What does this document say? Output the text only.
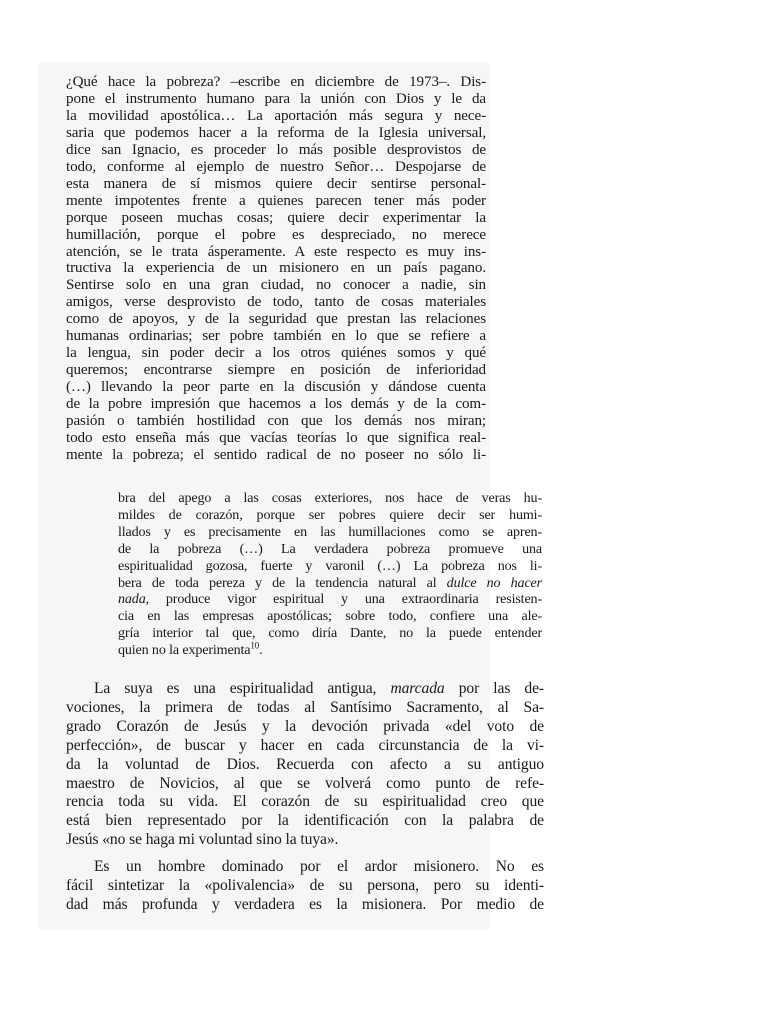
¿Qué hace la pobreza? –escribe en diciembre de 1973–. Dis-
pone el instrumento humano para la unión con Dios y le da
la movilidad apostólica… La aportación más segura y nece-
saria que podemos hacer a la reforma de la Iglesia universal,
dice san Ignacio, es proceder lo más posible desprovistos de
todo, conforme al ejemplo de nuestro Señor… Despojarse de
esta manera de sí mismos quiere decir sentirse personal-
mente impotentes frente a quienes parecen tener más poder
porque poseen muchas cosas; quiere decir experimentar la
humillación, porque el pobre es despreciado, no merece
atención, se le trata ásperamente. A este respecto es muy ins-
tructiva la experiencia de un misionero en un país pagano.
Sentirse solo en una gran ciudad, no conocer a nadie, sin
amigos, verse desprovisto de todo, tanto de cosas materiales
como de apoyos, y de la seguridad que prestan las relaciones
humanas ordinarias; ser pobre también en lo que se refiere a
la lengua, sin poder decir a los otros quiénes somos y qué
queremos; encontrarse siempre en posición de inferioridad
(…) llevando la peor parte en la discusión y dándose cuenta
de la pobre impresión que hacemos a los demás y de la com-
pasión o también hostilidad con que los demás nos miran;
todo esto enseña más que vacías teorías lo que significa real-
mente la pobreza; el sentido radical de no poseer no sólo li-
bra del apego a las cosas exteriores, nos hace de veras hu-
mildes de corazón, porque ser pobres quiere decir ser humi-
llados y es precisamente en las humillaciones como se apren-
de la pobreza (…) La verdadera pobreza promueve una
espiritualidad gozosa, fuerte y varonil (…) La pobreza nos li-
bera de toda pereza y de la tendencia natural al dulce no hacer
nada, produce vigor espiritual y una extraordinaria resisten-
cia en las empresas apostólicas; sobre todo, confiere una ale-
gría interior tal que, como diría Dante, no la puede entender
quien no la experimenta$^{10}$.
La suya es una espiritualidad antigua, marcada por las de-
vociones, la primera de todas al Santísimo Sacramento, al Sa-
grado Corazón de Jesús y la devoción privada «del voto de
perfección», de buscar y hacer en cada circunstancia de la vi-
da la voluntad de Dios. Recuerda con afecto a su antiguo
maestro de Novicios, al que se volverá como punto de refe-
rencia toda su vida. El corazón de su espiritualidad creo que
está bien representado por la identificación con la palabra de
Jesús «no se haga mi voluntad sino la tuya».
Es un hombre dominado por el ardor misionero. No es
fácil sintetizar la «polivalencia» de su persona, pero su identi-
dad más profunda y verdadera es la misionera. Por medio de
